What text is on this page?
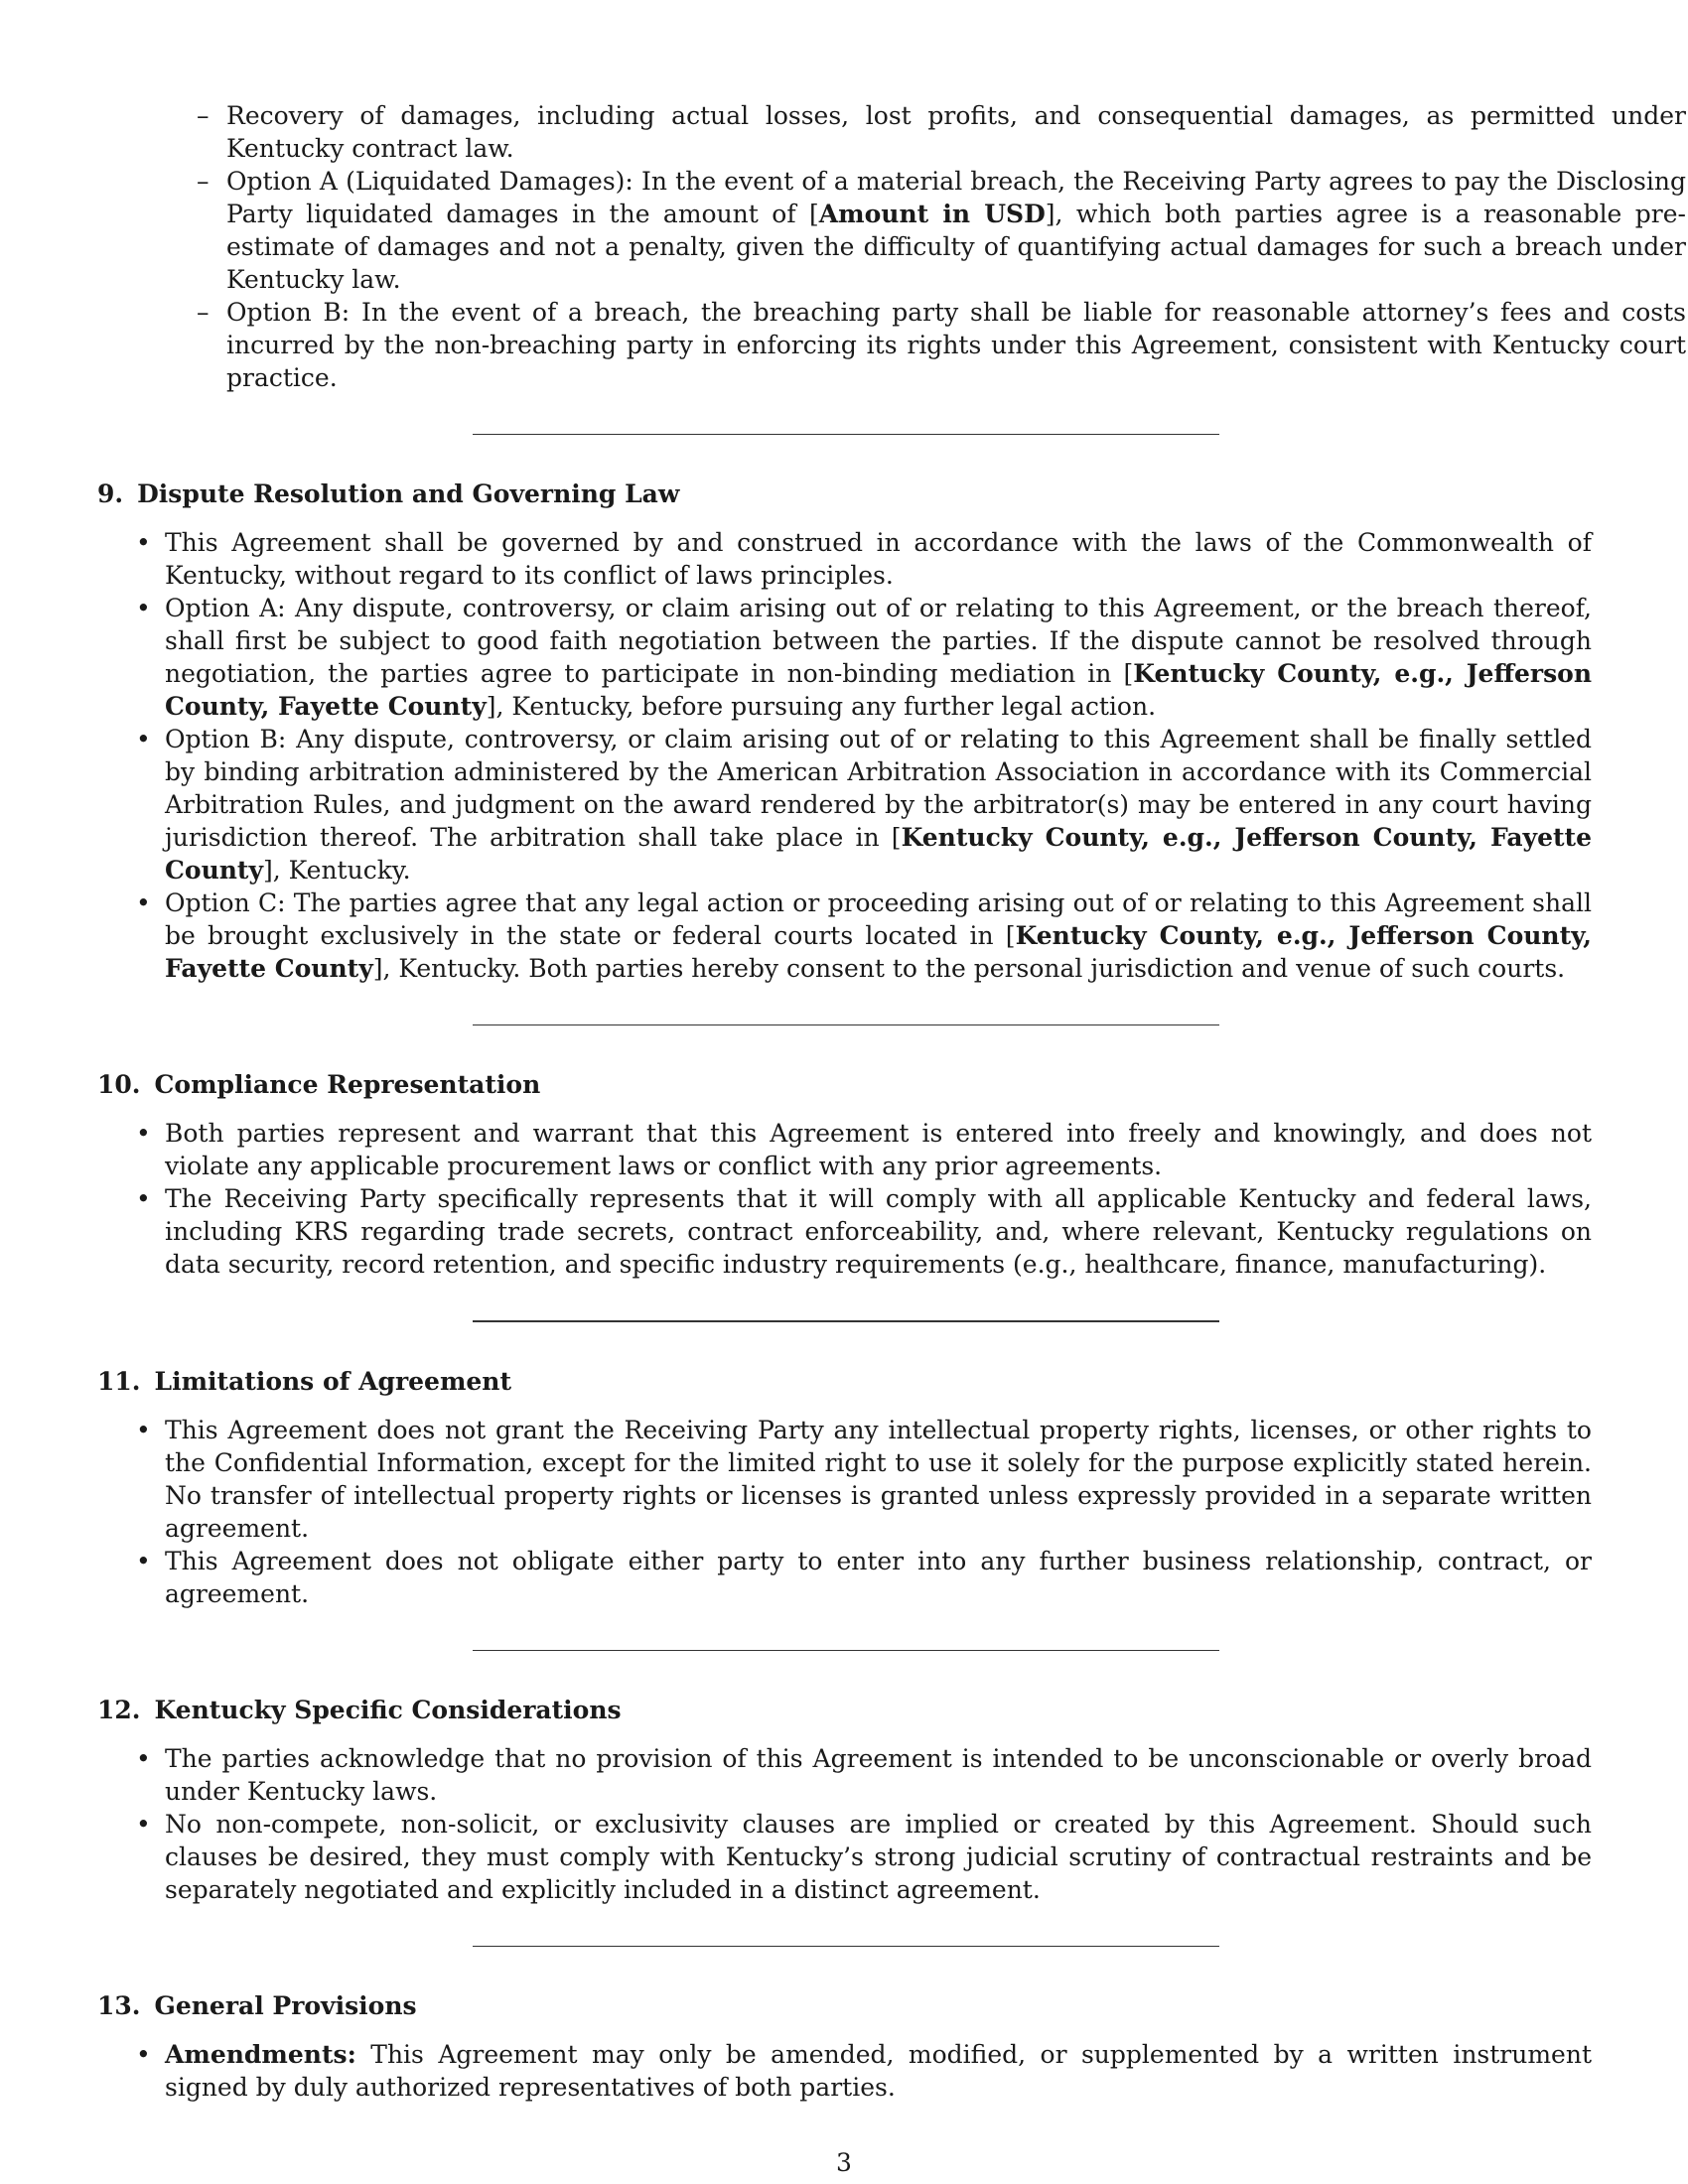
– Recovery of damages, including actual losses, lost profits, and consequential damages, as permitted under Kentucky contract law.
– Option A (Liquidated Damages): In the event of a material breach, the Receiving Party agrees to pay the Disclosing Party liquidated damages in the amount of [Amount in USD], which both parties agree is a reasonable pre-estimate of damages and not a penalty, given the difficulty of quantifying actual damages for such a breach under Kentucky law.
– Option B: In the event of a breach, the breaching party shall be liable for reasonable attorney’s fees and costs incurred by the non-breaching party in enforcing its rights under this Agreement, consistent with Kentucky court practice.
9. Dispute Resolution and Governing Law
• This Agreement shall be governed by and construed in accordance with the laws of the Commonwealth of Kentucky, without regard to its conflict of laws principles.
• Option A: Any dispute, controversy, or claim arising out of or relating to this Agreement, or the breach thereof, shall first be subject to good faith negotiation between the parties. If the dispute cannot be resolved through negotiation, the parties agree to participate in non-binding mediation in [Kentucky County, e.g., Jefferson County, Fayette County], Kentucky, before pursuing any further legal action.
• Option B: Any dispute, controversy, or claim arising out of or relating to this Agreement shall be finally settled by binding arbitration administered by the American Arbitration Association in accordance with its Commercial Arbitration Rules, and judgment on the award rendered by the arbitrator(s) may be entered in any court having jurisdiction thereof. The arbitration shall take place in [Kentucky County, e.g., Jefferson County, Fayette County], Kentucky.
• Option C: The parties agree that any legal action or proceeding arising out of or relating to this Agreement shall be brought exclusively in the state or federal courts located in [Kentucky County, e.g., Jefferson County, Fayette County], Kentucky. Both parties hereby consent to the personal jurisdiction and venue of such courts.
10. Compliance Representation
• Both parties represent and warrant that this Agreement is entered into freely and knowingly, and does not violate any applicable procurement laws or conflict with any prior agreements.
• The Receiving Party specifically represents that it will comply with all applicable Kentucky and federal laws, including KRS regarding trade secrets, contract enforceability, and, where relevant, Kentucky regulations on data security, record retention, and specific industry requirements (e.g., healthcare, finance, manufacturing).
11. Limitations of Agreement
• This Agreement does not grant the Receiving Party any intellectual property rights, licenses, or other rights to the Confidential Information, except for the limited right to use it solely for the purpose explicitly stated herein. No transfer of intellectual property rights or licenses is granted unless expressly provided in a separate written agreement.
• This Agreement does not obligate either party to enter into any further business relationship, contract, or agreement.
12. Kentucky Specific Considerations
• The parties acknowledge that no provision of this Agreement is intended to be unconscionable or overly broad under Kentucky laws.
• No non-compete, non-solicit, or exclusivity clauses are implied or created by this Agreement. Should such clauses be desired, they must comply with Kentucky’s strong judicial scrutiny of contractual restraints and be separately negotiated and explicitly included in a distinct agreement.
13. General Provisions
• Amendments: This Agreement may only be amended, modified, or supplemented by a written instrument signed by duly authorized representatives of both parties.
3
